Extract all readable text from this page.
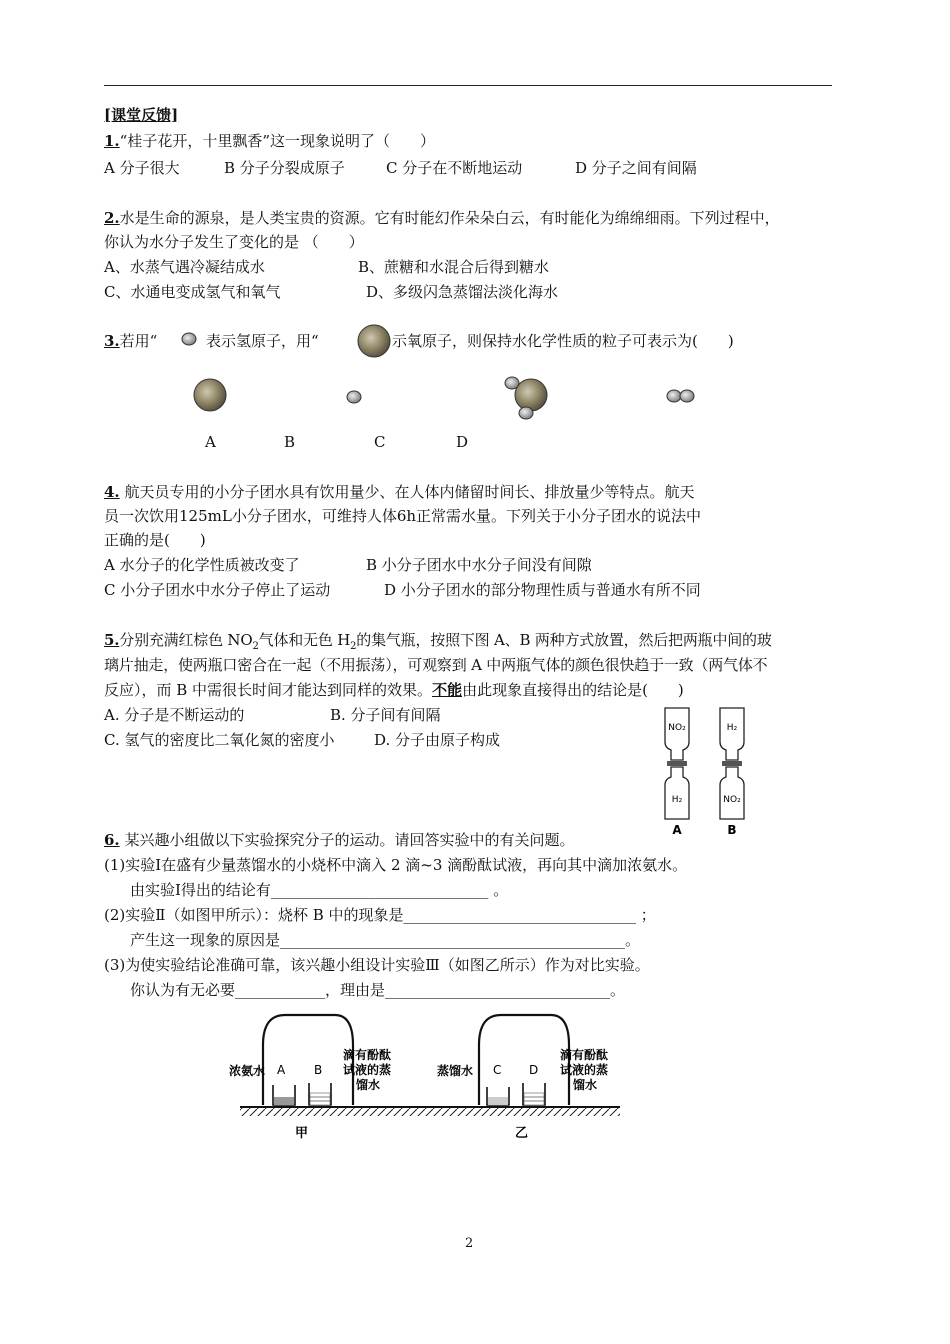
[课堂反馈]
1.“桂子花开，十里飘香”这一现象说明了（　　）
A 分子很大	B 分子分裂成原子	C 分子在不断地运动	D 分子之间有间隔
2.水是生命的源泉，是人类宝贵的资源。它有时能幻作朵朵白云，有时能化为绵绵细雨。下列过程中，
你认为水分子发生了变化的是 （　　）
A、水蒸气遇冷凝结成水	B、蔗糖和水混合后得到糖水
C、水通电变成氢气和氧气	D、多级闪急蒸馏法淡化海水
3.若用“	表示氢原子，用“	示氧原子，则保持水化学性质的粒子可表示为(　　)
A	B	C	D
4. 航天员专用的小分子团水具有饮用量少、在人体内储留时间长、排放量少等特点。航天
员一次饮用125mL小分子团水，可维持人体6h正常需水量。下列关于小分子团水的说法中
正确的是(　　)
A 水分子的化学性质被改变了	B 小分子团水中水分子间没有间隙
C 小分子团水中水分子停止了运动	D 小分子团水的部分物理性质与普通水有所不同
5.分别充满红棕色 $NO_2$气体和无色 $H_2$的集气瓶，按照下图 A、B 两种方式放置，然后把两瓶中间的玻
璃片抽走，使两瓶口密合在一起（不用振荡），可观察到 A 中两瓶气体的颜色很快趋于一致（两气体不
反应），而 B 中需很长时间才能达到同样的效果。不能由此现象直接得出的结论是(　　)
A. 分子是不断运动的	B. 分子间有间隔
C. 氢气的密度比二氧化氮的密度小	D. 分子由原子构成
NO₂
H₂
H₂
NO₂
A	B
6. 某兴趣小组做以下实验探究分子的运动。请回答实验中的有关问题。
(1)实验Ⅰ在盛有少量蒸馏水的小烧杯中滴入 2 滴~3 滴酚酞试液，再向其中滴加浓氨水。
由实验Ⅰ得出的结论有_____________________________ 。
(2)实验Ⅱ（如图甲所示）：烧杯 B 中的现象是_______________________________ ；
产生这一现象的原因是______________________________________________。
(3)为使实验结论准确可靠，该兴趣小组设计实验Ⅲ（如图乙所示）作为对比实验。
你认为有无必要____________，理由是______________________________。
浓氨水 A B
滴有酚酞
试液的蒸
馏水
甲
蒸馏水 C D
滴有酚酞
试液的蒸
馏水
乙
2
